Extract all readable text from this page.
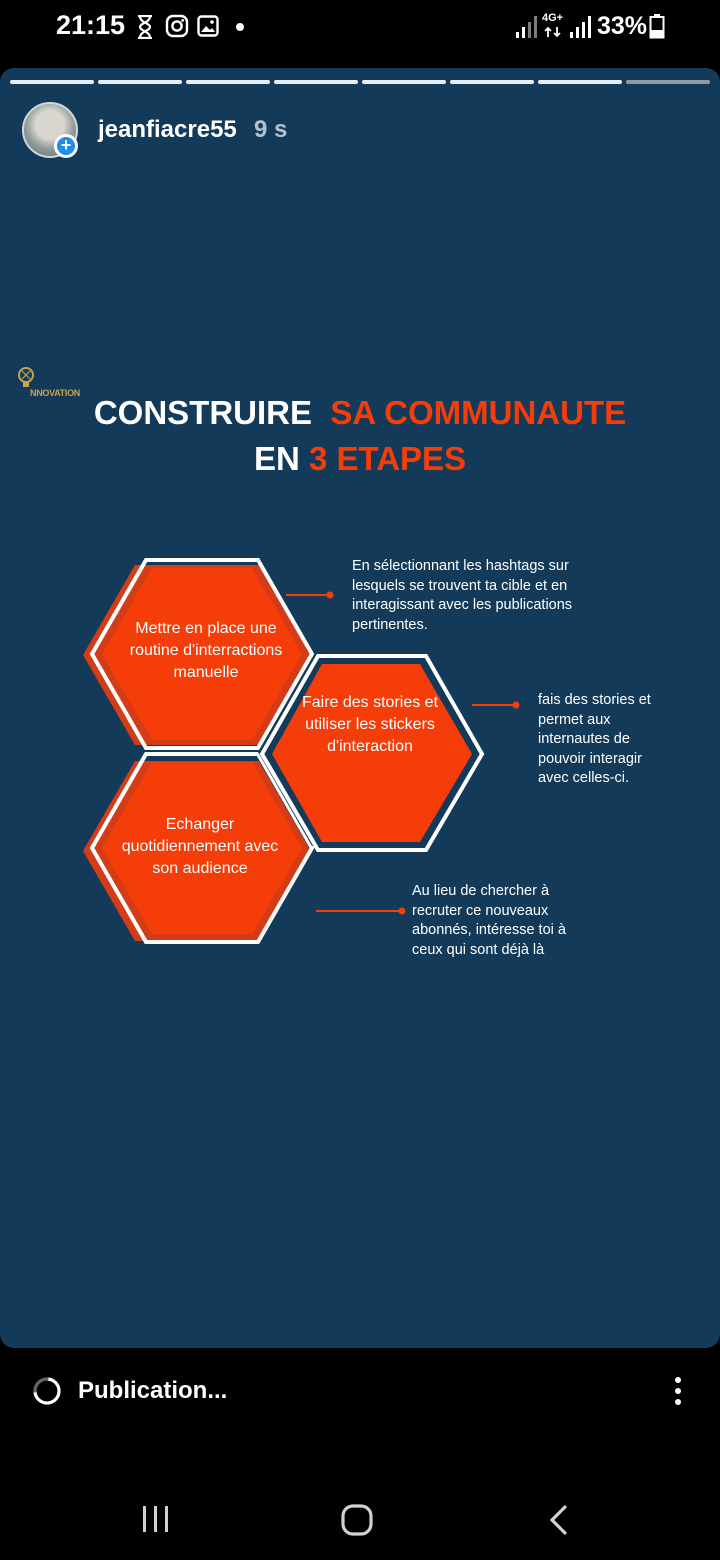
21:15	4G+ 33%
+
jeanfiacre55 9 s
NNOVATION
CONSTRUIRE SA COMMUNAUTE
EN 3 ETAPES
Mettre en place une routine d'interractions manuelle
Faire des stories et utiliser les stickers d'interaction
Echanger quotidiennement avec son audience
En sélectionnant les hashtags sur lesquels se trouvent ta cible et en interagissant avec les publications pertinentes.
fais des stories et permet aux internautes de pouvoir interagir avec celles-ci.
Au lieu de chercher à recruter ce nouveaux abonnés, intéresse toi à ceux qui sont déjà là
Publication...
